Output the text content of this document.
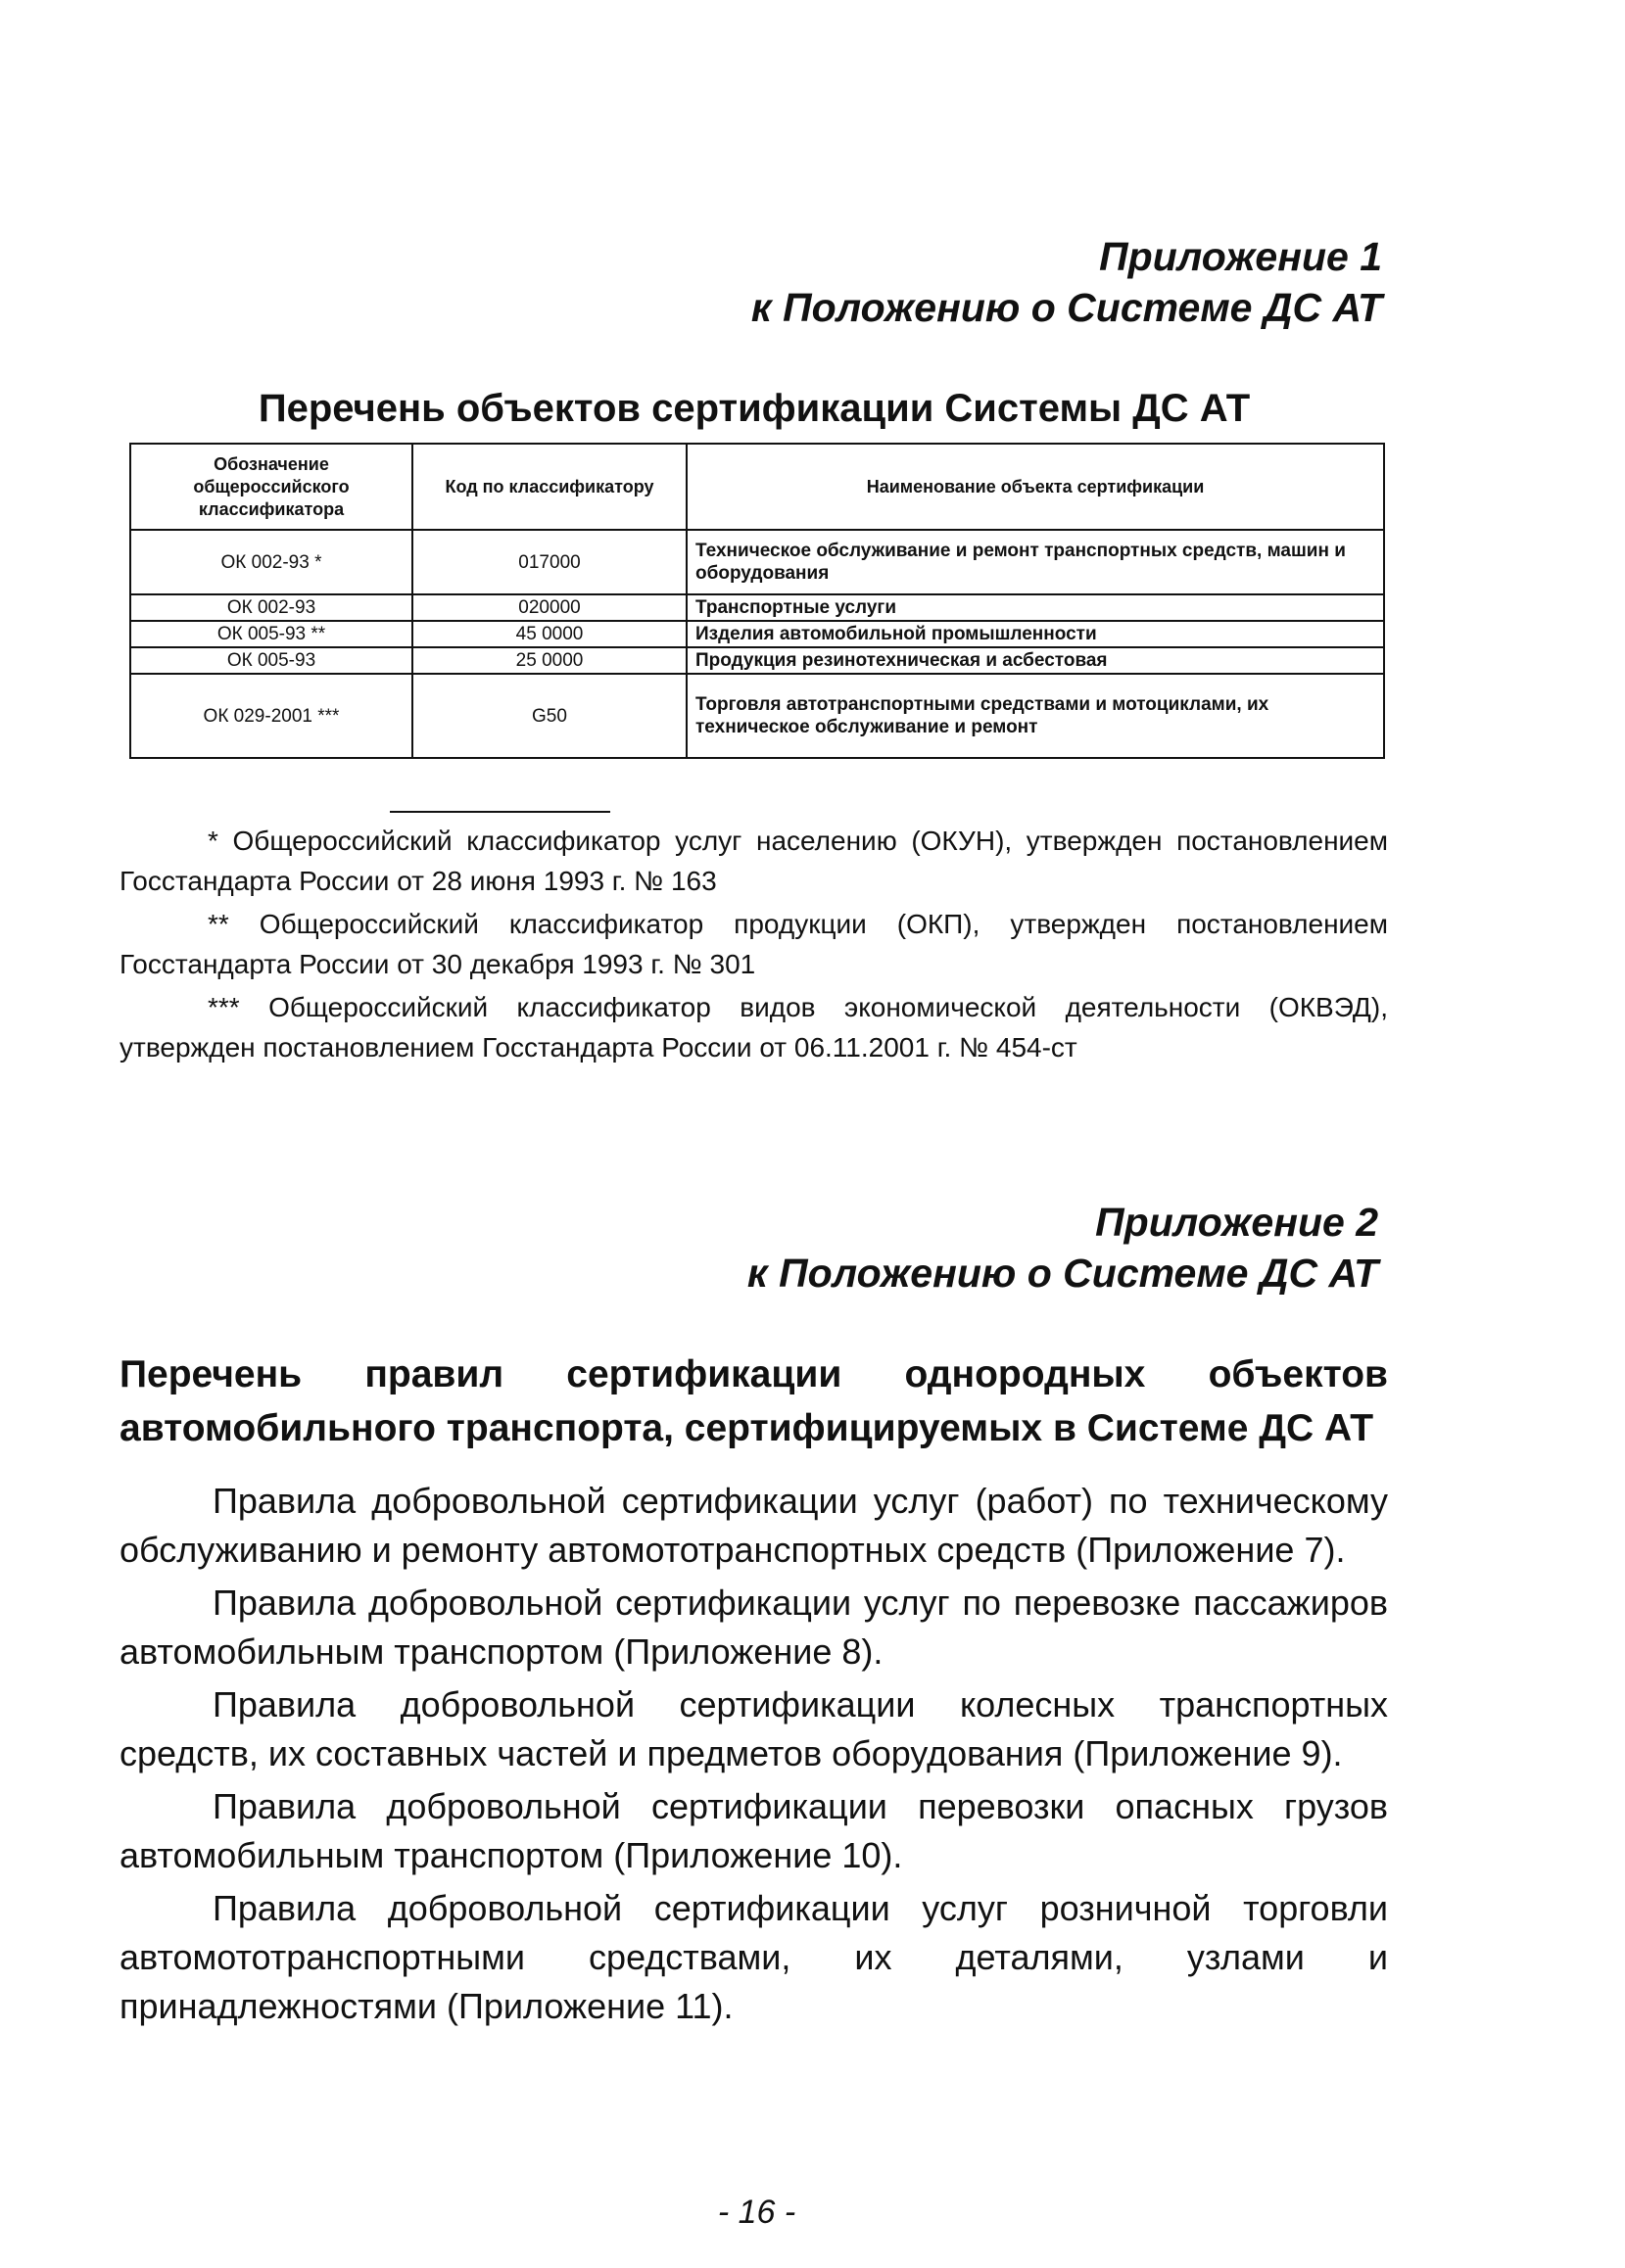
Приложение 1
к Положению о Системе ДС АТ
Перечень объектов сертификации Системы ДС АТ
Обозначение общероссийского классификатора	Код по классификатору	Наименование объекта сертификации
ОК 002-93 *	017000	Техническое обслуживание и ремонт транспортных средств, машин и оборудования
ОК 002-93	020000	Транспортные услуги
ОК 005-93 **	45 0000	Изделия автомобильной промышленности
ОК 005-93	25 0000	Продукция резинотехническая и асбестовая
ОК 029-2001 ***	G50	Торговля автотранспортными средствами и мотоциклами, их техническое обслуживание и ремонт

* Общероссийский классификатор услуг населению (ОКУН), утвержден постановлением Госстандарта России от 28 июня 1993 г. № 163

** Общероссийский классификатор продукции (ОКП), утвержден постановлением Госстандарта России от 30 декабря 1993 г. № 301

*** Общероссийский классификатор видов экономической деятельности (ОКВЭД), утвержден постановлением Госстандарта России от 06.11.2001 г. № 454-ст

Приложение 2
к Положению о Системе ДС АТ
Перечень правил сертификации однородных объектов автомобильного транспорта, сертифицируемых в Системе ДС АТ

Правила добровольной сертификации услуг (работ) по техническому обслуживанию и ремонту автомототранспортных средств (Приложение 7).

Правила добровольной сертификации услуг по перевозке пассажиров автомобильным транспортом (Приложение 8).

Правила добровольной сертификации колесных транспортных средств, их составных частей и предметов оборудования (Приложение 9).

Правила добровольной сертификации перевозки опасных грузов автомобильным транспортом (Приложение 10).

Правила добровольной сертификации услуг розничной торговли автомототранспортными средствами, их деталями, узлами и принадлежностями (Приложение 11).

- 16 -
